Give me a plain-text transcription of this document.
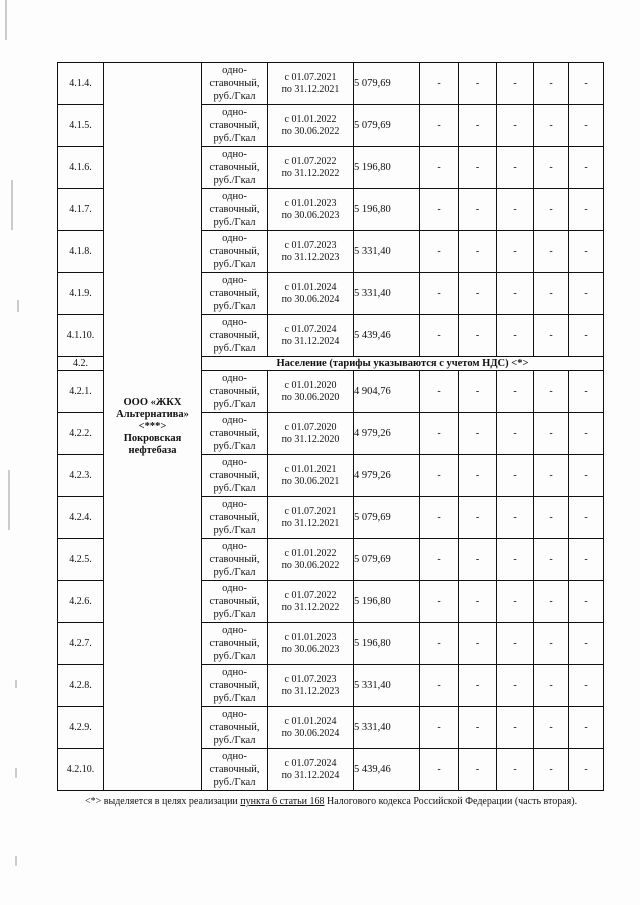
4.1.4.	ООО «ЖКХ
Альтернатива»
<***>
Покровская
нефтебаза	одно-
ставочный,
руб./Гкал	с 01.07.2021
по 31.12.2021	5 079,69	-	-	-	-	-
4.1.5.		одно-
ставочный,
руб./Гкал	с 01.01.2022
по 30.06.2022	5 079,69	-	-	-	-	-
4.1.6.		одно-
ставочный,
руб./Гкал	с 01.07.2022
по 31.12.2022	5 196,80	-	-	-	-	-
4.1.7.		одно-
ставочный,
руб./Гкал	с 01.01.2023
по 30.06.2023	5 196,80	-	-	-	-	-
4.1.8.		одно-
ставочный,
руб./Гкал	с 01.07.2023
по 31.12.2023	5 331,40	-	-	-	-	-
4.1.9.		одно-
ставочный,
руб./Гкал	с 01.01.2024
по 30.06.2024	5 331,40	-	-	-	-	-
4.1.10.		одно-
ставочный,
руб./Гкал	с 01.07.2024
по 31.12.2024	5 439,46	-	-	-	-	-
4.2.		Население (тарифы указываются с учетом НДС) <*>							
4.2.1.		одно-
ставочный,
руб./Гкал	с 01.01.2020
по 30.06.2020	4 904,76	-	-	-	-	-
4.2.2.		одно-
ставочный,
руб./Гкал	с 01.07.2020
по 31.12.2020	4 979,26	-	-	-	-	-
4.2.3.		одно-
ставочный,
руб./Гкал	с 01.01.2021
по 30.06.2021	4 979,26	-	-	-	-	-
4.2.4.		одно-
ставочный,
руб./Гкал	с 01.07.2021
по 31.12.2021	5 079,69	-	-	-	-	-
4.2.5.		одно-
ставочный,
руб./Гкал	с 01.01.2022
по 30.06.2022	5 079,69	-	-	-	-	-
4.2.6.		одно-
ставочный,
руб./Гкал	с 01.07.2022
по 31.12.2022	5 196,80	-	-	-	-	-
4.2.7.		одно-
ставочный,
руб./Гкал	с 01.01.2023
по 30.06.2023	5 196,80	-	-	-	-	-
4.2.8.		одно-
ставочный,
руб./Гкал	с 01.07.2023
по 31.12.2023	5 331,40	-	-	-	-	-
4.2.9.		одно-
ставочный,
руб./Гкал	с 01.01.2024
по 30.06.2024	5 331,40	-	-	-	-	-
4.2.10.		одно-
ставочный,
руб./Гкал	с 01.07.2024
по 31.12.2024	5 439,46	-	-	-	-	-
<*> выделяется в целях реализации пункта 6 статьи 168 Налогового кодекса Российской Федерации (часть вторая).
